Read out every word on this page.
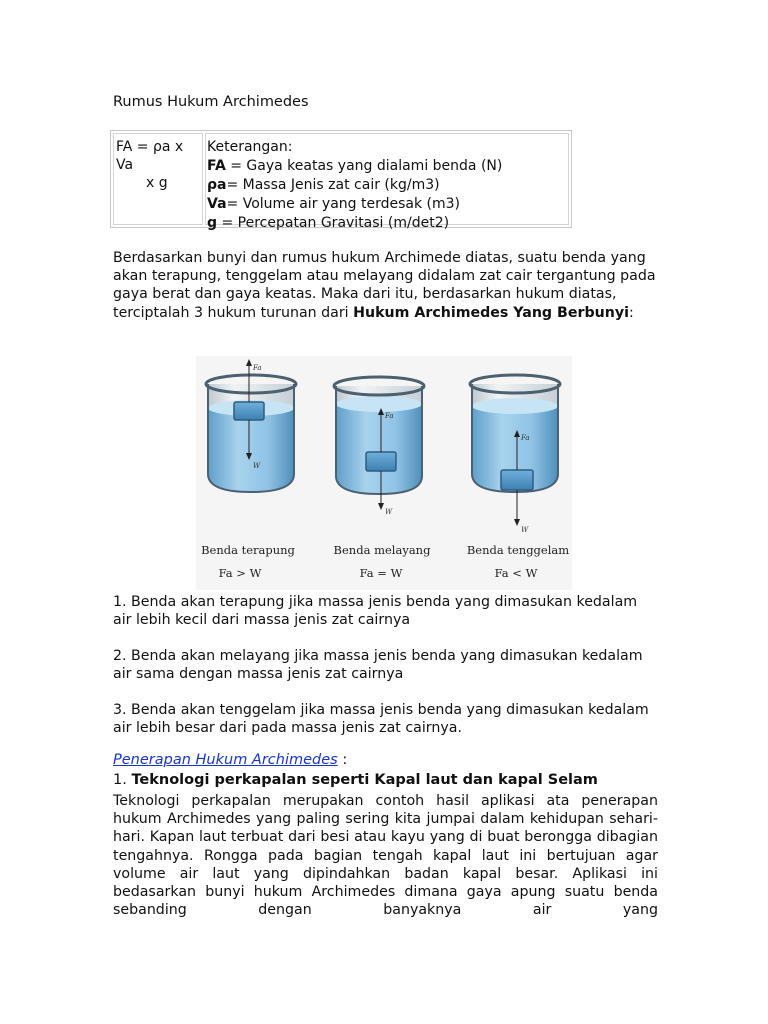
Rumus Hukum Archimedes
FA = ρa x Va
x g
Keterangan:
FA = Gaya keatas yang dialami benda (N)
ρa= Massa Jenis zat cair (kg/m3)
Va= Volume air yang terdesak (m3)
g = Percepatan Gravitasi (m/det2)
Berdasarkan bunyi dan rumus hukum Archimede diatas, suatu benda yang akan terapung, tenggelam atau melayang didalam zat cair tergantung pada gaya berat dan gaya keatas. Maka dari itu, berdasarkan hukum diatas, terciptalah 3 hukum turunan dari Hukum Archimedes Yang Berbunyi:
Fa
W
Fa
W
Fa
W
Benda terapung	Benda melayang	Benda tenggelam
Fa > W	Fa = W	Fa < W
1. Benda akan terapung jika massa jenis benda yang dimasukan kedalam air lebih kecil dari massa jenis zat cairnya
2. Benda akan melayang jika massa jenis benda yang dimasukan kedalam air sama dengan massa jenis zat cairnya
3. Benda akan tenggelam jika massa jenis benda yang dimasukan kedalam air lebih besar dari pada massa jenis zat cairnya.
Penerapan Hukum Archimedes :
1. Teknologi perkapalan seperti Kapal laut dan kapal Selam
Teknologi perkapalan merupakan contoh hasil aplikasi ata penerapan hukum Archimedes yang paling sering kita jumpai dalam kehidupan sehari-hari. Kapan laut terbuat dari besi atau kayu yang di buat berongga dibagian tengahnya. Rongga pada bagian tengah kapal laut ini bertujuan agar volume air laut yang dipindahkan badan kapal besar. Aplikasi ini bedasarkan bunyi hukum Archimedes dimana gaya apung suatu benda sebanding dengan banyaknya air yang
